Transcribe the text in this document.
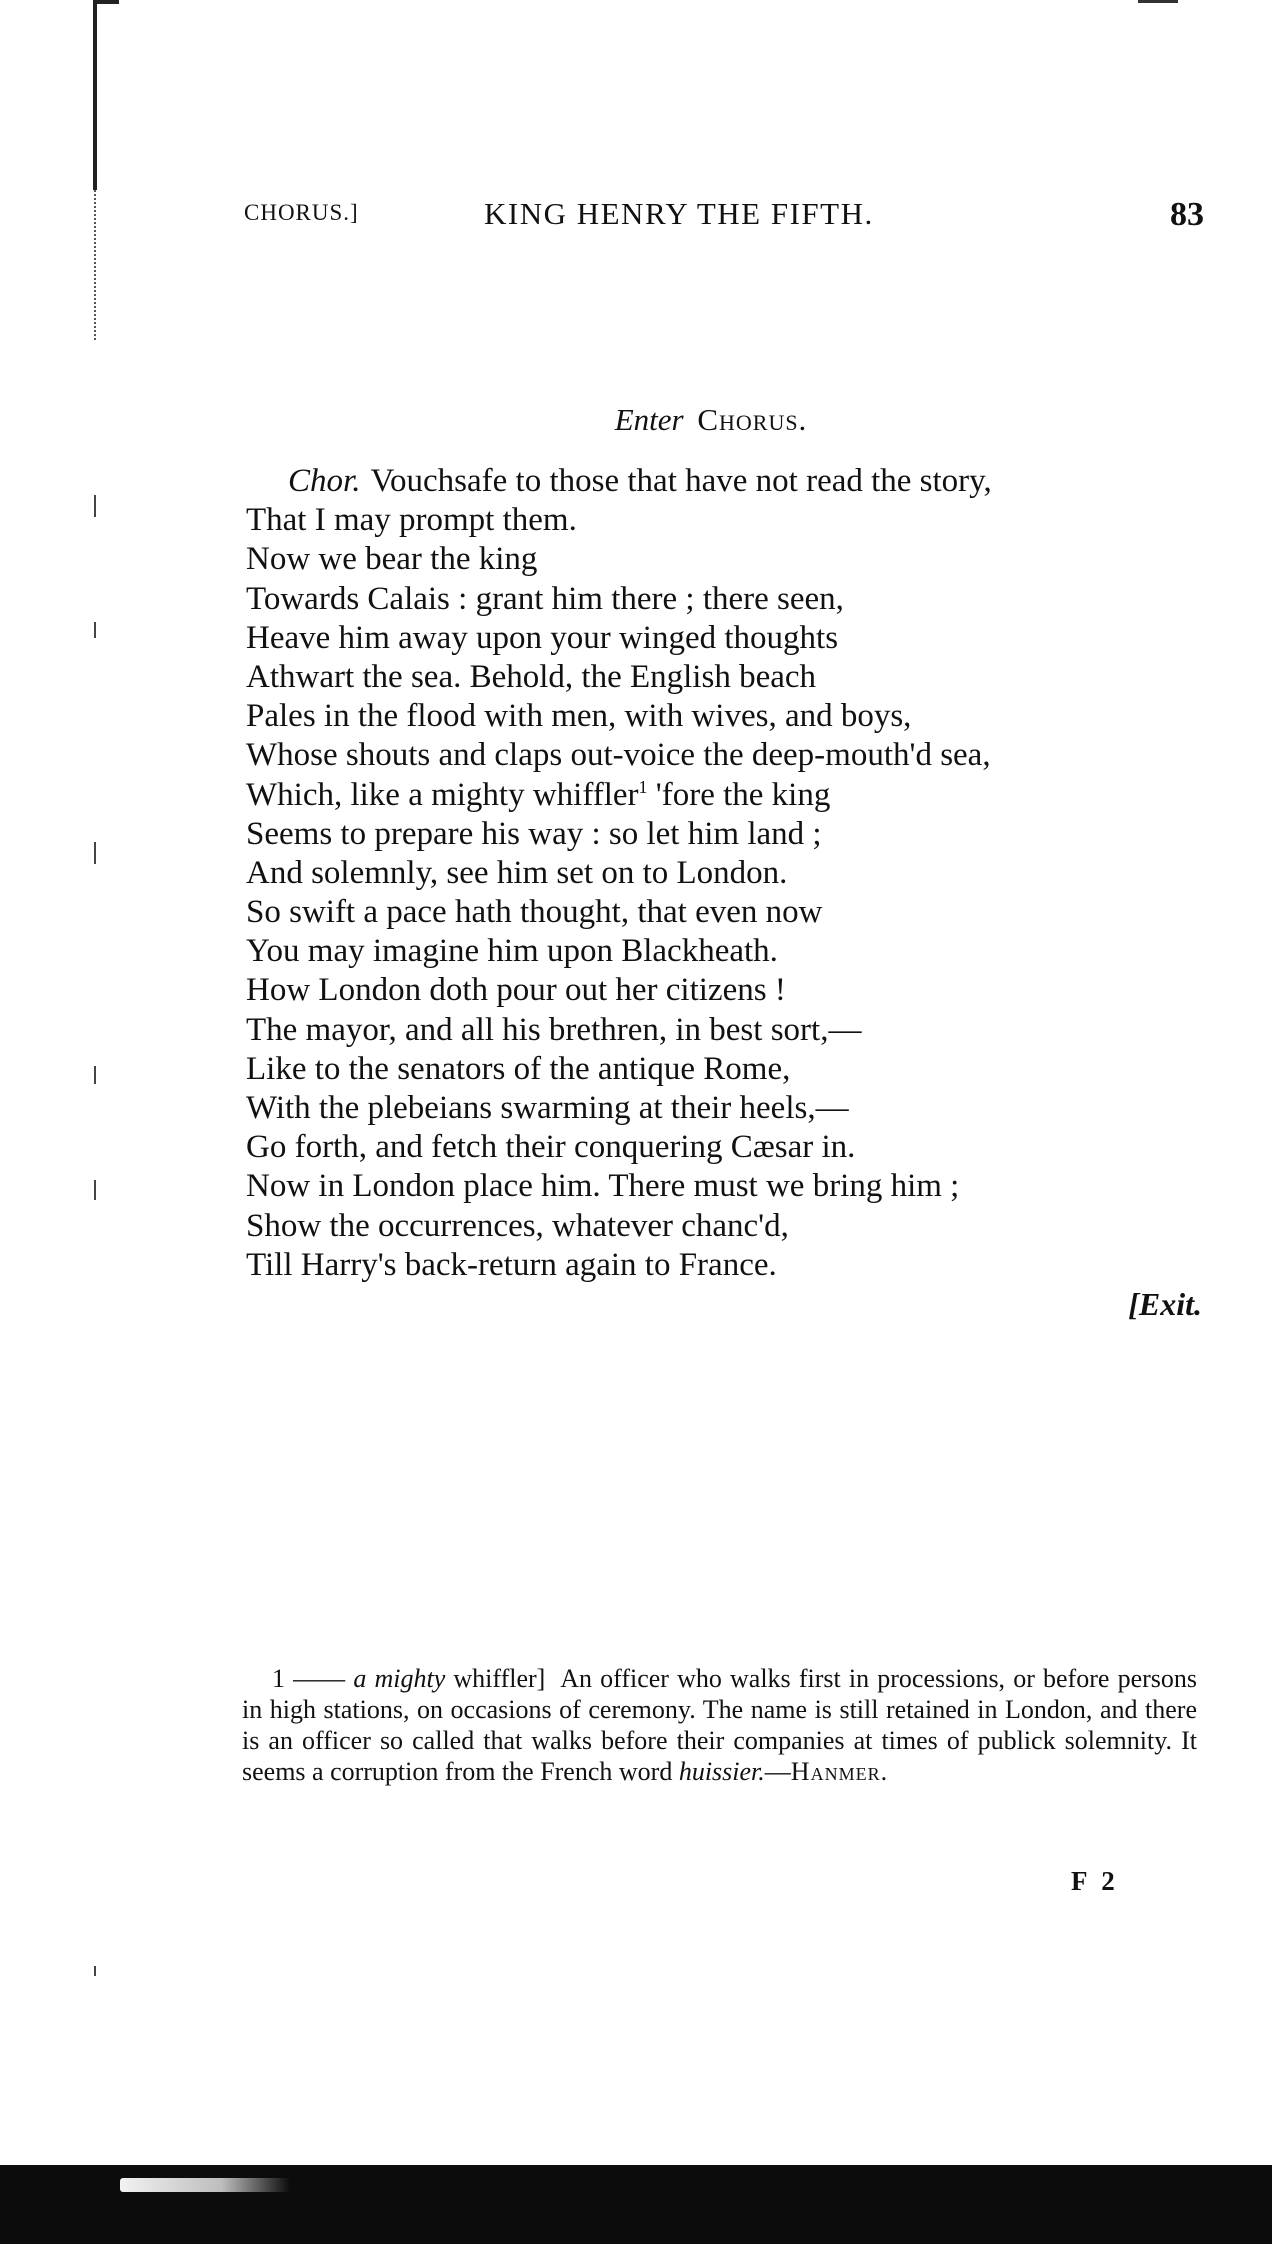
CHORUS.]	KING HENRY THE FIFTH.	83
Enter Chorus.
Chor. Vouchsafe to those that have not read the story,
That I may prompt them.
Now we bear the king
Towards Calais : grant him there ; there seen,
Heave him away upon your winged thoughts
Athwart the sea. Behold, the English beach
Pales in the flood with men, with wives, and boys,
Whose shouts and claps out-voice the deep-mouth'd sea,
Which, like a mighty whiffler$^1$ 'fore the king
Seems to prepare his way : so let him land ;
And solemnly, see him set on to London.
So swift a pace hath thought, that even now
You may imagine him upon Blackheath.
How London doth pour out her citizens !
The mayor, and all his brethren, in best sort,—
Like to the senators of the antique Rome,
With the plebeians swarming at their heels,—
Go forth, and fetch their conquering Cæsar in.
Now in London place him. There must we bring him ;
Show the occurrences, whatever chanc'd,
Till Harry's back-return again to France.
[Exit.
1 —— a mighty whiffler] An officer who walks first in processions, or before persons in high stations, on occasions of ceremony. The name is still retained in London, and there is an officer so called that walks before their companies at times of publick solemnity. It seems a corruption from the French word huissier.—Hanmer.
F 2
